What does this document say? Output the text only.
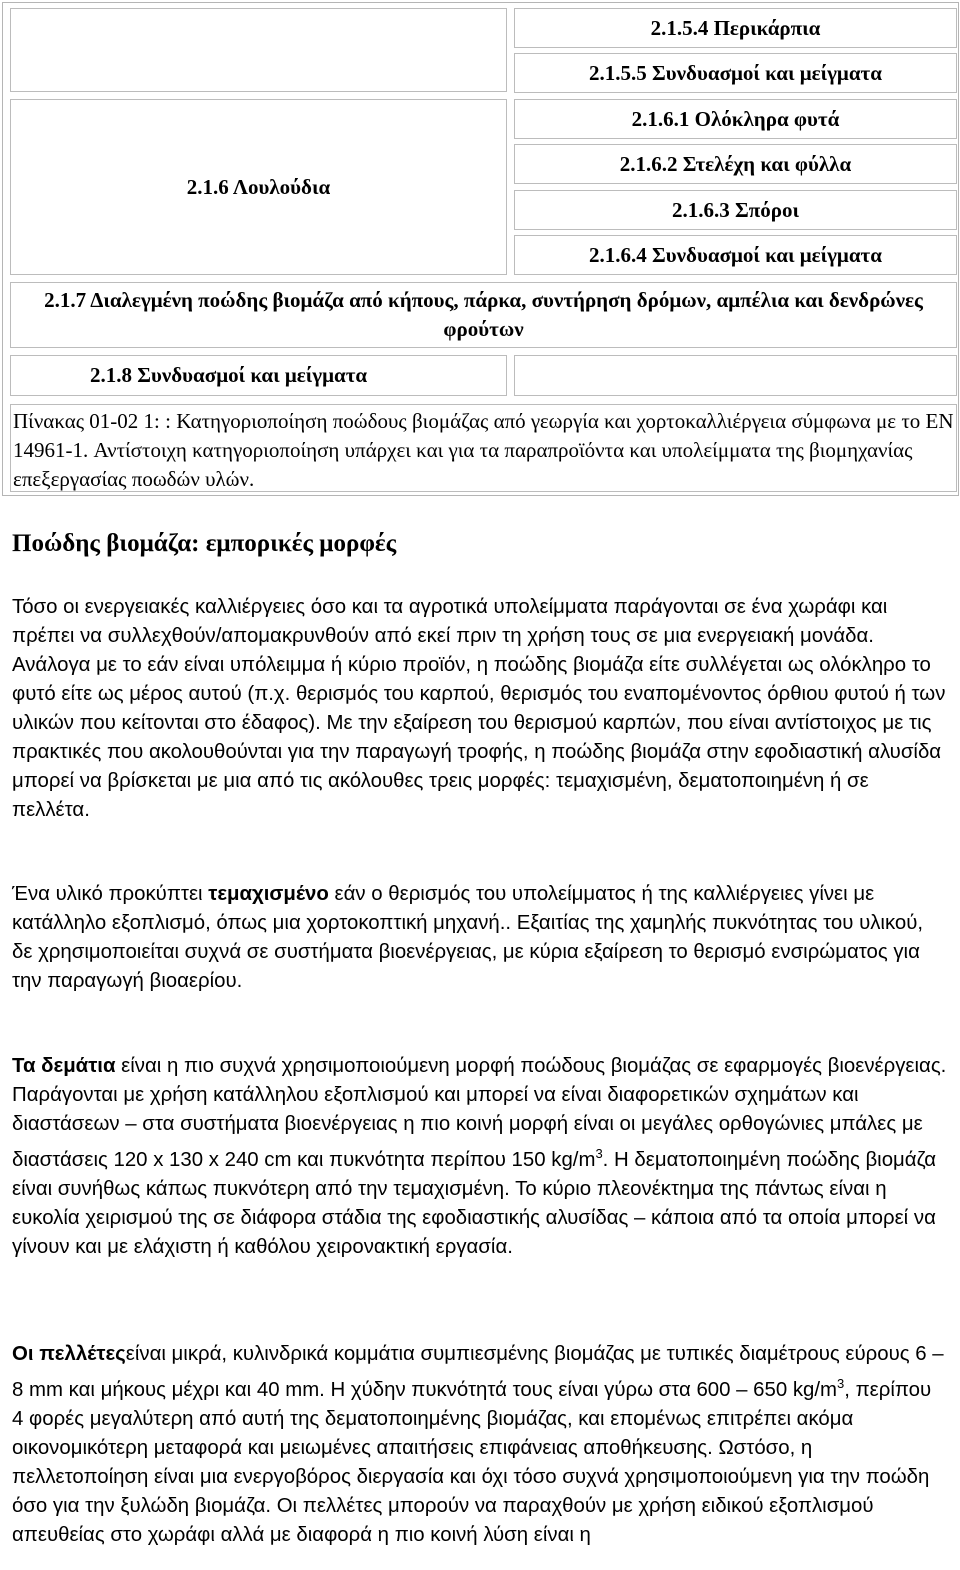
2.1.5.4 Περικάρπια
2.1.5.5 Συνδυασμοί και μείγματα
2.1.6 Λουλούδια
2.1.6.1 Ολόκληρα φυτά
2.1.6.2 Στελέχη και φύλλα
2.1.6.3 Σπόροι
2.1.6.4 Συνδυασμοί και μείγματα
2.1.7 Διαλεγμένη ποώδης βιομάζα από κήπους, πάρκα, συντήρηση δρόμων, αμπέλια και δενδρώνες φρούτων
2.1.8 Συνδυασμοί και μείγματα
Πίνακας 01-02 1: : Κατηγοριοποίηση ποώδους βιομάζας από γεωργία και χορτοκαλλιέργεια σύμφωνα με το EN 14961-1. Αντίστοιχη κατηγοριοποίηση υπάρχει και για τα παραπροϊόντα και υπολείμματα της βιομηχανίας επεξεργασίας ποωδών υλών.
Ποώδης βιομάζα: εμπορικές μορφές

Τόσο οι ενεργειακές καλλιέργειες όσο και τα αγροτικά υπολείμματα παράγονται σε ένα χωράφι και πρέπει να συλλεχθούν/απομακρυνθούν από εκεί πριν τη χρήση τους σε μια ενεργειακή μονάδα. Ανάλογα με το εάν είναι υπόλειμμα ή κύριο προϊόν, η ποώδης βιομάζα είτε συλλέγεται ως ολόκληρο το φυτό είτε ως μέρος αυτού (π.χ. θερισμός του καρπού, θερισμός του εναπομένοντος όρθιου φυτού ή των υλικών που κείτονται στο έδαφος). Με την εξαίρεση του θερισμού καρπών, που είναι αντίστοιχος με τις πρακτικές που ακολουθούνται για την παραγωγή τροφής, η ποώδης βιομάζα στην εφοδιαστική αλυσίδα μπορεί να βρίσκεται με μια από τις ακόλουθες τρεις μορφές: τεμαχισμένη, δεματοποιημένη ή σε πελλέτα.

Ένα υλικό προκύπτει τεμαχισμένο εάν ο θερισμός του υπολείμματος ή της καλλιέργειες γίνει με κατάλληλο εξοπλισμό, όπως μια χορτοκοπτική μηχανή.. Εξαιτίας της χαμηλής πυκνότητας του υλικού, δε χρησιμοποιείται συχνά σε συστήματα βιοενέργειας, με κύρια εξαίρεση το θερισμό ενσιρώματος για την παραγωγή βιοαερίου.

Τα δεμάτια είναι η πιο συχνά χρησιμοποιούμενη μορφή ποώδους βιομάζας σε εφαρμογές βιοενέργειας. Παράγονται με χρήση κατάλληλου εξοπλισμού και μπορεί να είναι διαφορετικών σχημάτων και διαστάσεων – στα συστήματα βιοενέργειας η πιο κοινή μορφή είναι οι μεγάλες ορθογώνιες μπάλες με διαστάσεις 120 x 130 x 240 cm και πυκνότητα περίπου 150 $kg/m^3$. Η δεματοποιημένη ποώδης βιομάζα είναι συνήθως κάπως πυκνότερη από την τεμαχισμένη. Το κύριο πλεονέκτημα της πάντως είναι η ευκολία χειρισμού της σε διάφορα στάδια της εφοδιαστικής αλυσίδας – κάποια από τα οποία μπορεί να γίνουν και με ελάχιστη ή καθόλου χειρονακτική εργασία.

Οι πελλέτεςείναι μικρά, κυλινδρικά κομμάτια συμπιεσμένης βιομάζας με τυπικές διαμέτρους εύρους 6 – 8 mm και μήκους μέχρι και 40 mm. Η χύδην πυκνότητά τους είναι γύρω στα 600 – 650 $kg/m^3$, περίπου 4 φορές μεγαλύτερη από αυτή της δεματοποιημένης βιομάζας, και επομένως επιτρέπει ακόμα οικονομικότερη μεταφορά και μειωμένες απαιτήσεις επιφάνειας αποθήκευσης. Ωστόσο, η πελλετοποίηση είναι μια ενεργοβόρος διεργασία και όχι τόσο συχνά χρησιμοποιούμενη για την ποώδη όσο για την ξυλώδη βιομάζα. Οι πελλέτες μπορούν να παραχθούν με χρήση ειδικού εξοπλισμού απευθείας στο χωράφι αλλά με διαφορά η πιο κοινή λύση είναι η
